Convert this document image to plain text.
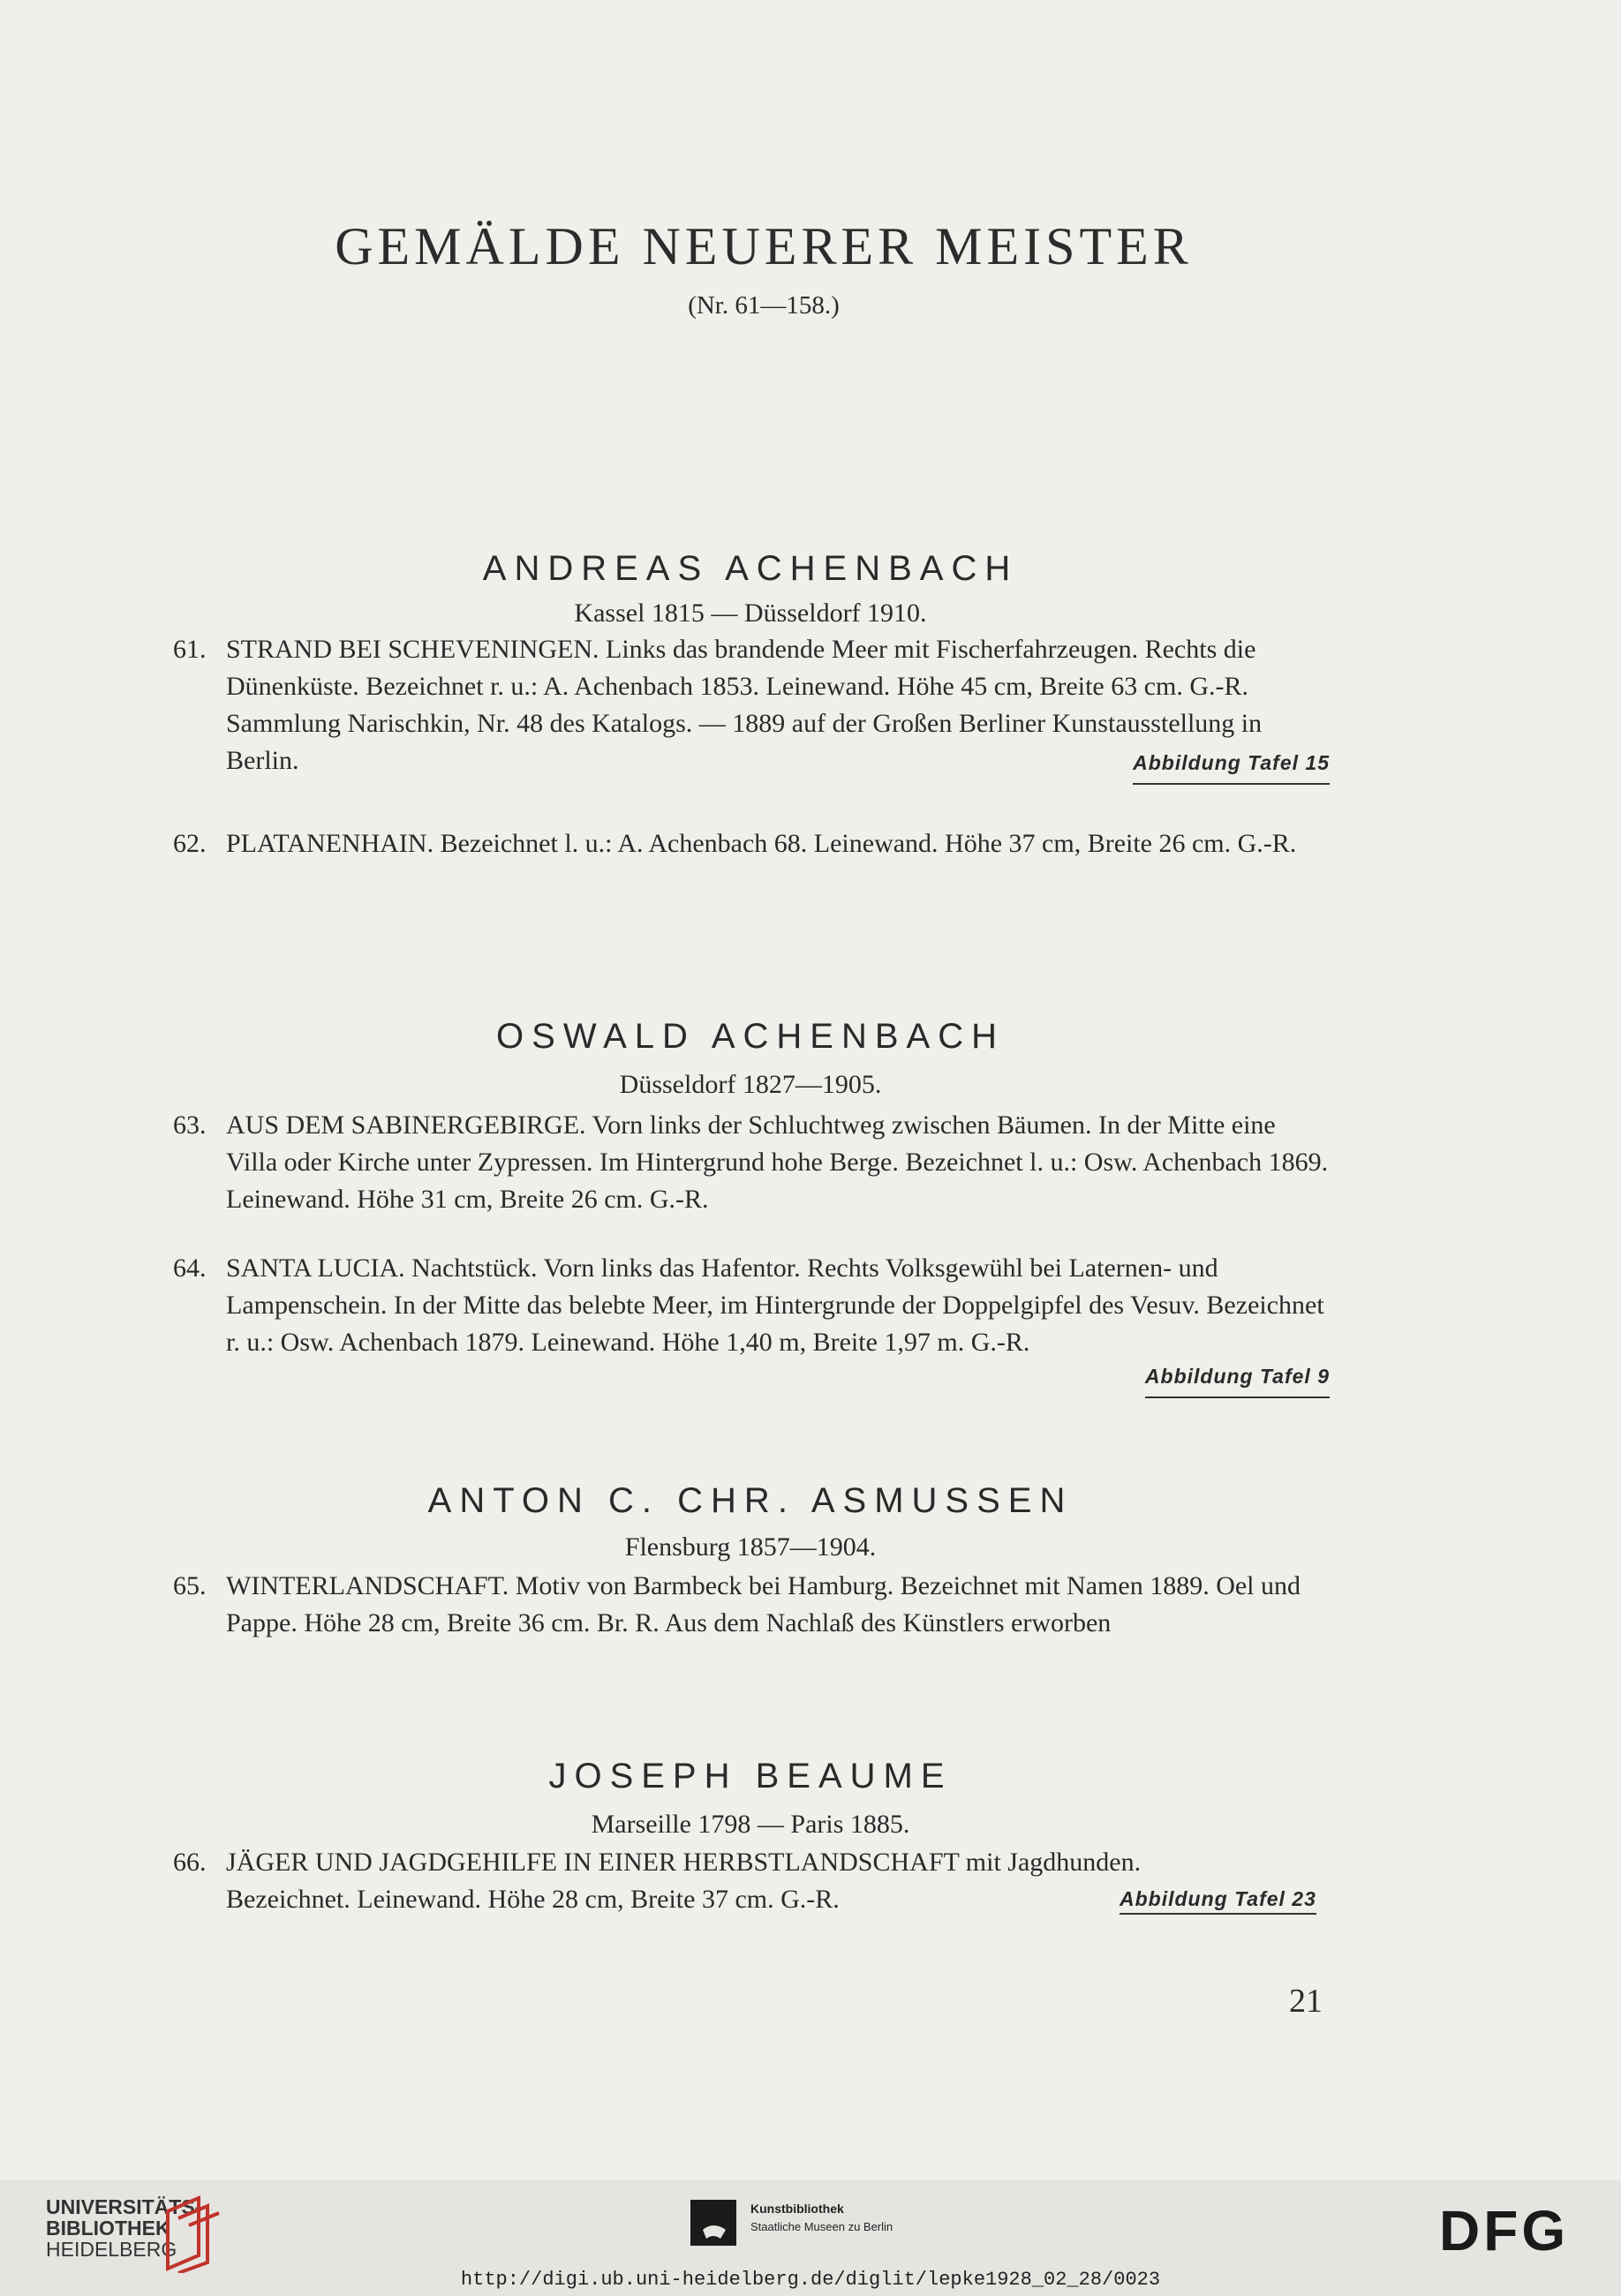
GEMÄLDE NEUERER MEISTER
(Nr. 61—158.)
ANDREAS ACHENBACH
Kassel 1815 — Düsseldorf 1910.
61. STRAND BEI SCHEVENINGEN. Links das brandende Meer mit Fischerfahrzeugen. Rechts die Dünenküste. Bezeichnet r. u.: A. Achenbach 1853. Leinewand. Höhe 45 cm, Breite 63 cm. G.-R. Sammlung Narischkin, Nr. 48 des Katalogs. — 1889 auf der Großen Berliner Kunstausstellung in Berlin.	Abbildung Tafel 15
62. PLATANENHAIN. Bezeichnet l. u.: A. Achenbach 68. Leinewand. Höhe 37 cm, Breite 26 cm. G.-R.
OSWALD ACHENBACH
Düsseldorf 1827—1905.
63. AUS DEM SABINERGEBIRGE. Vorn links der Schluchtweg zwischen Bäumen. In der Mitte eine Villa oder Kirche unter Zypressen. Im Hintergrund hohe Berge. Bezeichnet l. u.: Osw. Achenbach 1869. Leinewand. Höhe 31 cm, Breite 26 cm. G.-R.
64. SANTA LUCIA. Nachtstück. Vorn links das Hafentor. Rechts Volksgewühl bei Laternen- und Lampenschein. In der Mitte das belebte Meer, im Hintergrunde der Doppelgipfel des Vesuv. Bezeichnet r. u.: Osw. Achenbach 1879. Leinewand. Höhe 1,40 m, Breite 1,97 m. G.-R.
Abbildung Tafel 9
ANTON C. CHR. ASMUSSEN
Flensburg 1857—1904.
65. WINTERLANDSCHAFT. Motiv von Barmbeck bei Hamburg. Bezeichnet mit Namen 1889. Oel und Pappe. Höhe 28 cm, Breite 36 cm. Br. R. Aus dem Nachlaß des Künstlers erworben
JOSEPH BEAUME
Marseille 1798 — Paris 1885.
66. JÄGER UND JAGDGEHILFE IN EINER HERBSTLANDSCHAFT mit Jagdhunden. Bezeichnet. Leinewand. Höhe 28 cm, Breite 37 cm. G.-R.	Abbildung Tafel 23
21
UNIVERSITÄTS-
BIBLIOTHEK
HEIDELBERG
Kunstbibliothek
Staatliche Museen zu Berlin	DFG
http://digi.ub.uni-heidelberg.de/diglit/lepke1928_02_28/0023
